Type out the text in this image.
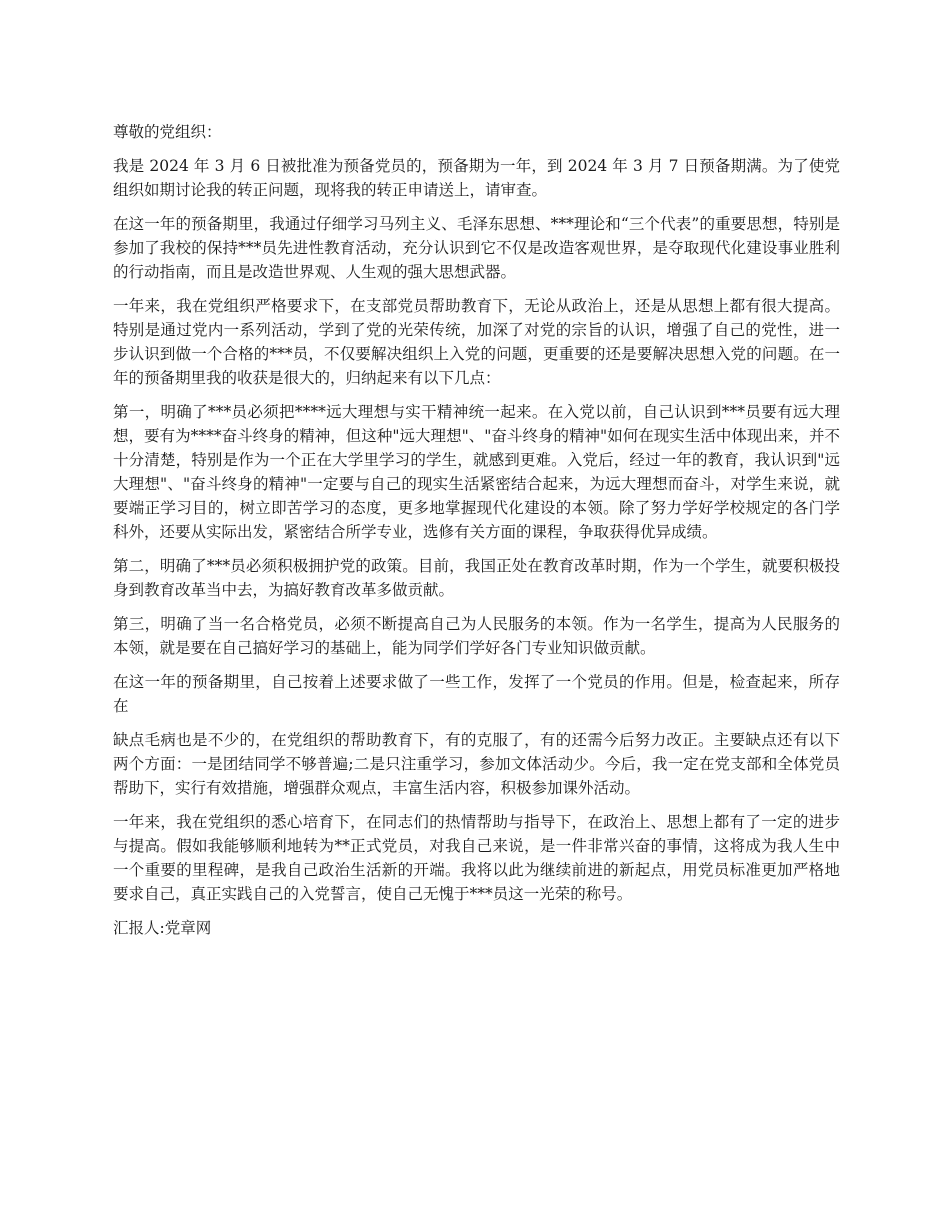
尊敬的党组织：

我是 2024 年 3 月 6 日被批准为预备党员的，预备期为一年，到 2024 年 3 月 7 日预备期满。为了使党组织如期讨论我的转正问题，现将我的转正申请送上，请审查。

在这一年的预备期里，我通过仔细学习马列主义、毛泽东思想、***理论和“三个代表”的重要思想，特别是参加了我校的保持***员先进性教育活动，充分认识到它不仅是改造客观世界，是夺取现代化建设事业胜利的行动指南，而且是改造世界观、人生观的强大思想武器。

一年来，我在党组织严格要求下，在支部党员帮助教育下，无论从政治上，还是从思想上都有很大提高。特别是通过党内一系列活动，学到了党的光荣传统，加深了对党的宗旨的认识，增强了自己的党性，进一步认识到做一个合格的***员，不仅要解决组织上入党的问题，更重要的还是要解决思想入党的问题。在一年的预备期里我的收获是很大的，归纳起来有以下几点：

第一，明确了***员必须把****远大理想与实干精神统一起来。在入党以前，自己认识到***员要有远大理想，要有为****奋斗终身的精神，但这种"远大理想"、"奋斗终身的精神"如何在现实生活中体现出来，并不十分清楚，特别是作为一个正在大学里学习的学生，就感到更难。入党后，经过一年的教育，我认识到"远大理想"、"奋斗终身的精神"一定要与自己的现实生活紧密结合起来，为远大理想而奋斗，对学生来说，就要端正学习目的，树立即苦学习的态度，更多地掌握现代化建设的本领。除了努力学好学校规定的各门学科外，还要从实际出发，紧密结合所学专业，选修有关方面的课程，争取获得优异成绩。

第二，明确了***员必须积极拥护党的政策。目前，我国正处在教育改革时期，作为一个学生，就要积极投身到教育改革当中去，为搞好教育改革多做贡献。

第三，明确了当一名合格党员，必须不断提高自己为人民服务的本领。作为一名学生，提高为人民服务的本领，就是要在自己搞好学习的基础上，能为同学们学好各门专业知识做贡献。

在这一年的预备期里，自己按着上述要求做了一些工作，发挥了一个党员的作用。但是，检查起来，所存在

缺点毛病也是不少的，在党组织的帮助教育下，有的克服了，有的还需今后努力改正。主要缺点还有以下两个方面：一是团结同学不够普遍;二是只注重学习，参加文体活动少。今后，我一定在党支部和全体党员帮助下，实行有效措施，增强群众观点，丰富生活内容，积极参加课外活动。

一年来，我在党组织的悉心培育下，在同志们的热情帮助与指导下，在政治上、思想上都有了一定的进步与提高。假如我能够顺利地转为**正式党员，对我自己来说，是一件非常兴奋的事情，这将成为我人生中一个重要的里程碑，是我自己政治生活新的开端。我将以此为继续前进的新起点，用党员标准更加严格地要求自己，真正实践自己的入党誓言，使自己无愧于***员这一光荣的称号。

汇报人:党章网
